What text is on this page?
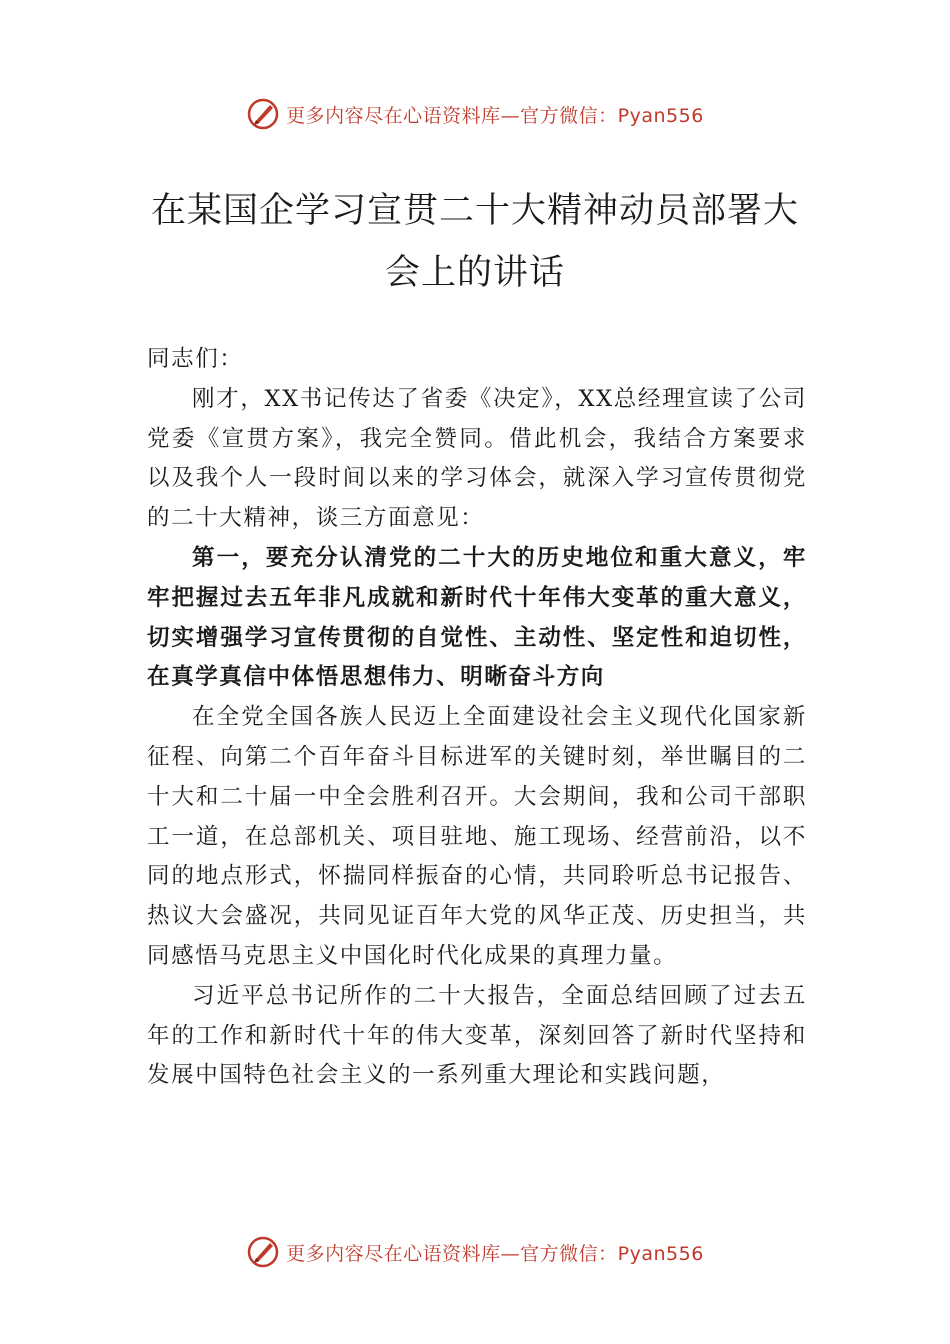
更多内容尽在心语资料库—官方微信：Pyan556
在某国企学习宣贯二十大精神动员部署大
会上的讲话

同志们：

刚才，XX书记传达了省委《决定》，XX总经理宣读了公司党委《宣贯方案》，我完全赞同。借此机会，我结合方案要求以及我个人一段时间以来的学习体会，就深入学习宣传贯彻党的二十大精神，谈三方面意见：

第一，要充分认清党的二十大的历史地位和重大意义，牢牢把握过去五年非凡成就和新时代十年伟大变革的重大意义，切实增强学习宣传贯彻的自觉性、主动性、坚定性和迫切性，在真学真信中体悟思想伟力、明晰奋斗方向

在全党全国各族人民迈上全面建设社会主义现代化国家新征程、向第二个百年奋斗目标进军的关键时刻，举世瞩目的二十大和二十届一中全会胜利召开。大会期间，我和公司干部职工一道，在总部机关、项目驻地、施工现场、经营前沿，以不同的地点形式，怀揣同样振奋的心情，共同聆听总书记报告、热议大会盛况，共同见证百年大党的风华正茂、历史担当，共同感悟马克思主义中国化时代化成果的真理力量。

习近平总书记所作的二十大报告，全面总结回顾了过去五年的工作和新时代十年的伟大变革，深刻回答了新时代坚持和发展中国特色社会主义的一系列重大理论和实践问题，

更多内容尽在心语资料库—官方微信：Pyan556
